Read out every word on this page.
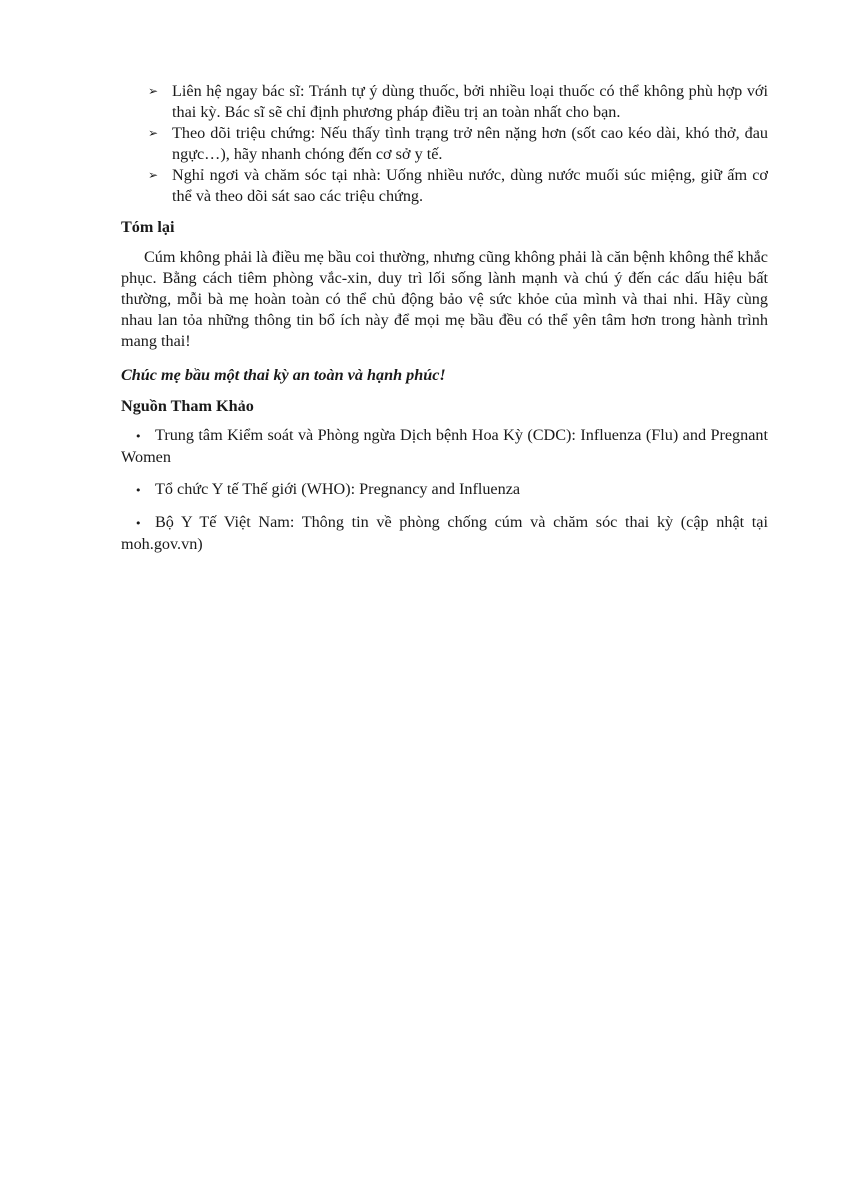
➢ Liên hệ ngay bác sĩ: Tránh tự ý dùng thuốc, bởi nhiều loại thuốc có thể không phù hợp với thai kỳ. Bác sĩ sẽ chỉ định phương pháp điều trị an toàn nhất cho bạn.
➢ Theo dõi triệu chứng: Nếu thấy tình trạng trở nên nặng hơn (sốt cao kéo dài, khó thở, đau ngực…), hãy nhanh chóng đến cơ sở y tế.
➢ Nghỉ ngơi và chăm sóc tại nhà: Uống nhiều nước, dùng nước muối súc miệng, giữ ấm cơ thể và theo dõi sát sao các triệu chứng.

Tóm lại

Cúm không phải là điều mẹ bầu coi thường, nhưng cũng không phải là căn bệnh không thể khắc phục. Bằng cách tiêm phòng vắc-xin, duy trì lối sống lành mạnh và chú ý đến các dấu hiệu bất thường, mỗi bà mẹ hoàn toàn có thể chủ động bảo vệ sức khỏe của mình và thai nhi. Hãy cùng nhau lan tỏa những thông tin bổ ích này để mọi mẹ bầu đều có thể yên tâm hơn trong hành trình mang thai!

Chúc mẹ bầu một thai kỳ an toàn và hạnh phúc!

Nguồn Tham Khảo

• Trung tâm Kiểm soát và Phòng ngừa Dịch bệnh Hoa Kỳ (CDC): Influenza (Flu) and Pregnant Women
• Tổ chức Y tế Thế giới (WHO): Pregnancy and Influenza
• Bộ Y Tế Việt Nam: Thông tin về phòng chống cúm và chăm sóc thai kỳ (cập nhật tại moh.gov.vn)
